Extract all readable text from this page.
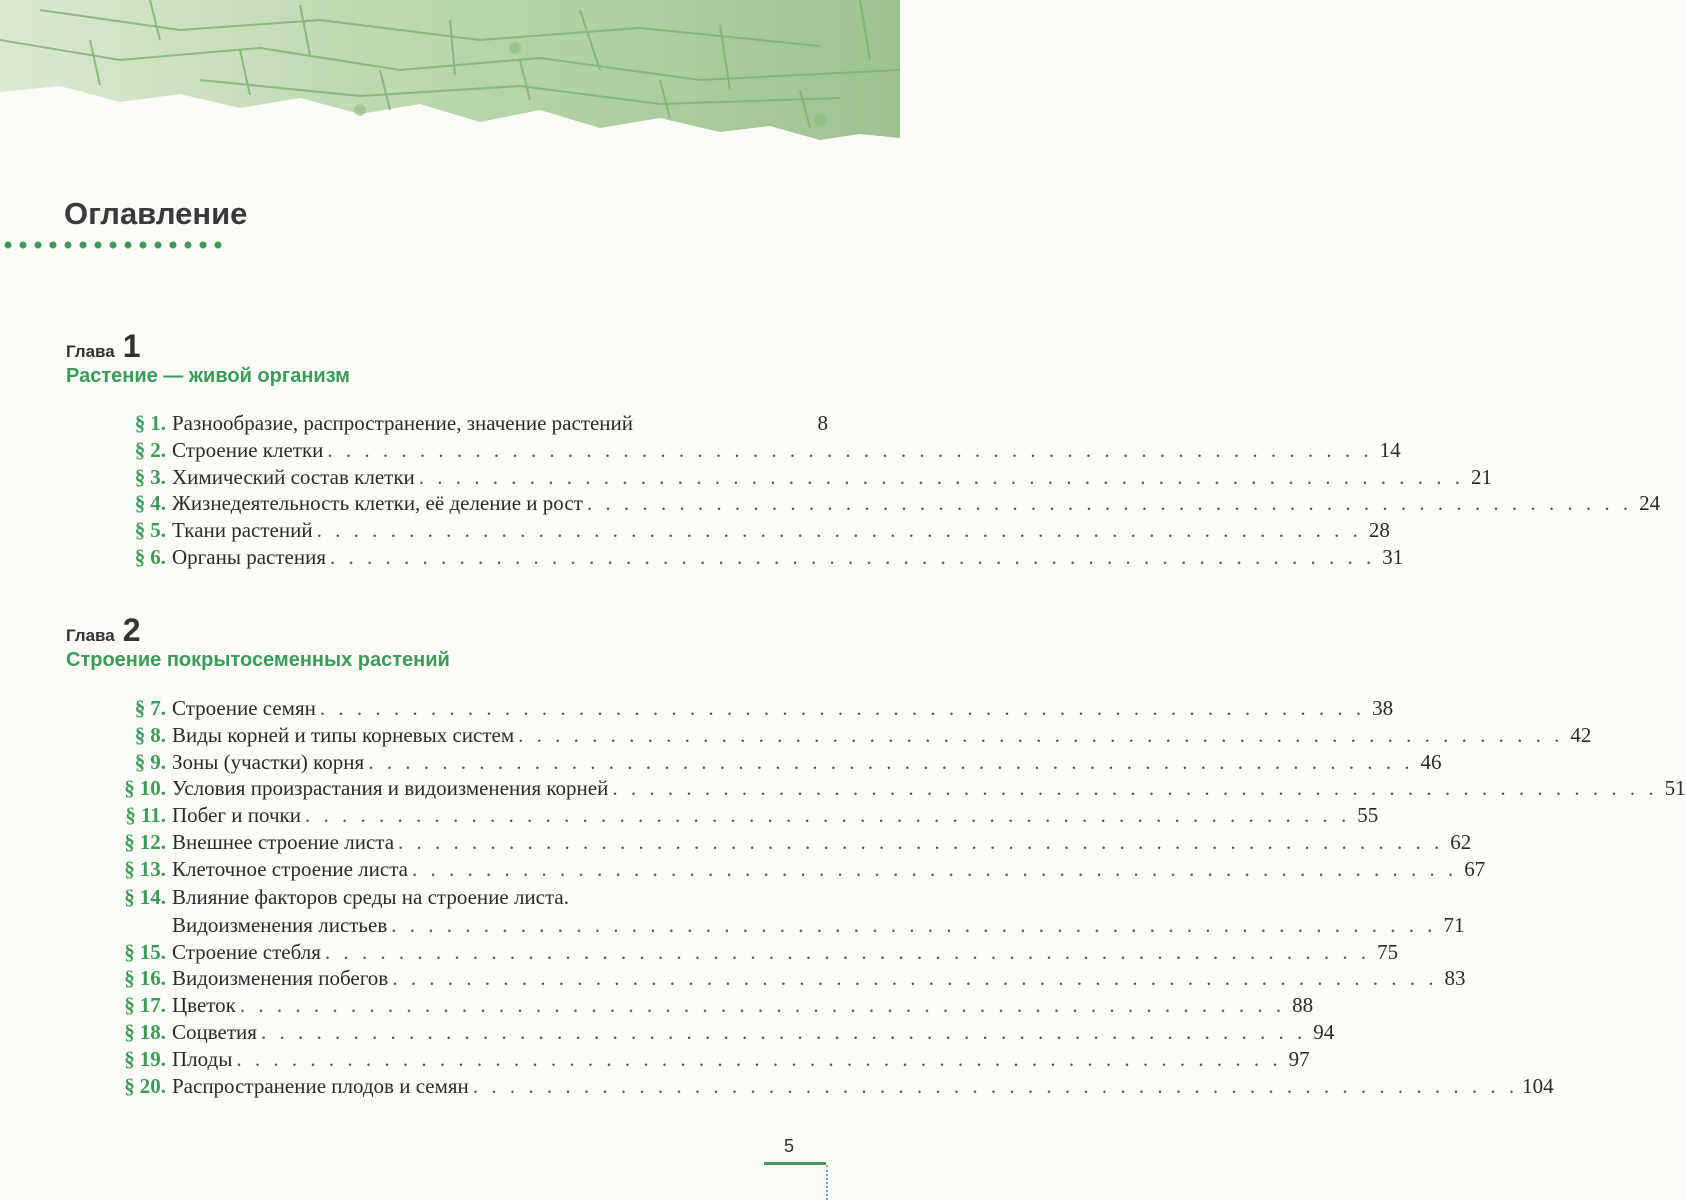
Оглавление
Глава 1
Растение — живой организм
§ 1. Разнообразие, распространение, значение растений	8
§ 2. Строение клетки . . . . . . . . . . . . . . . . . . . . . . . . . . . . . . . . . . . . . . . . . . . . . . . . . . . . . . . . . 14
§ 3. Химический состав клетки . . . . . . . . . . . . . . . . . . . . . . . . . . . . . . . . . . . . . . . . . . . . . . . . . . . . . . . . . 21
§ 4. Жизнедеятельность клетки, её деление и рост . . . . . . . . . . . . . . . . . . . . . . . . . . . . . . . . . . . . . . . . . . . . . . . . . . . . . . . . . 24
§ 5. Ткани растений . . . . . . . . . . . . . . . . . . . . . . . . . . . . . . . . . . . . . . . . . . . . . . . . . . . . . . . . . 28
§ 6. Органы растения . . . . . . . . . . . . . . . . . . . . . . . . . . . . . . . . . . . . . . . . . . . . . . . . . . . . . . . . . 31
Глава 2
Строение покрытосеменных растений
§ 7. Строение семян . . . . . . . . . . . . . . . . . . . . . . . . . . . . . . . . . . . . . . . . . . . . . . . . . . . . . . . . . 38
§ 8. Виды корней и типы корневых систем . . . . . . . . . . . . . . . . . . . . . . . . . . . . . . . . . . . . . . . . . . . . . . . . . . . . . . . . . 42
§ 9. Зоны (участки) корня . . . . . . . . . . . . . . . . . . . . . . . . . . . . . . . . . . . . . . . . . . . . . . . . . . . . . . . . . 46
§ 10. Условия произрастания и видоизменения корней . . . . . . . . . . . . . . . . . . . . . . . . . . . . . . . . . . . . . . . . . . . . . . . . . . . . . . . . . 51
§ 11. Побег и почки . . . . . . . . . . . . . . . . . . . . . . . . . . . . . . . . . . . . . . . . . . . . . . . . . . . . . . . . . 55
§ 12. Внешнее строение листа . . . . . . . . . . . . . . . . . . . . . . . . . . . . . . . . . . . . . . . . . . . . . . . . . . . . . . . . . 62
§ 13. Клеточное строение листа . . . . . . . . . . . . . . . . . . . . . . . . . . . . . . . . . . . . . . . . . . . . . . . . . . . . . . . . . 67
§ 14. Влияние факторов среды на строение листа.
Видоизменения листьев . . . . . . . . . . . . . . . . . . . . . . . . . . . . . . . . . . . . . . . . . . . . . . . . . . . . . . . . . 71
§ 15. Строение стебля . . . . . . . . . . . . . . . . . . . . . . . . . . . . . . . . . . . . . . . . . . . . . . . . . . . . . . . . . 75
§ 16. Видоизменения побегов . . . . . . . . . . . . . . . . . . . . . . . . . . . . . . . . . . . . . . . . . . . . . . . . . . . . . . . . . 83
§ 17. Цветок . . . . . . . . . . . . . . . . . . . . . . . . . . . . . . . . . . . . . . . . . . . . . . . . . . . . . . . . . 88
§ 18. Соцветия . . . . . . . . . . . . . . . . . . . . . . . . . . . . . . . . . . . . . . . . . . . . . . . . . . . . . . . . . 94
§ 19. Плоды . . . . . . . . . . . . . . . . . . . . . . . . . . . . . . . . . . . . . . . . . . . . . . . . . . . . . . . . . 97
§ 20. Распространение плодов и семян . . . . . . . . . . . . . . . . . . . . . . . . . . . . . . . . . . . . . . . . . . . . . . . . . . . . . . . . . 104
5
